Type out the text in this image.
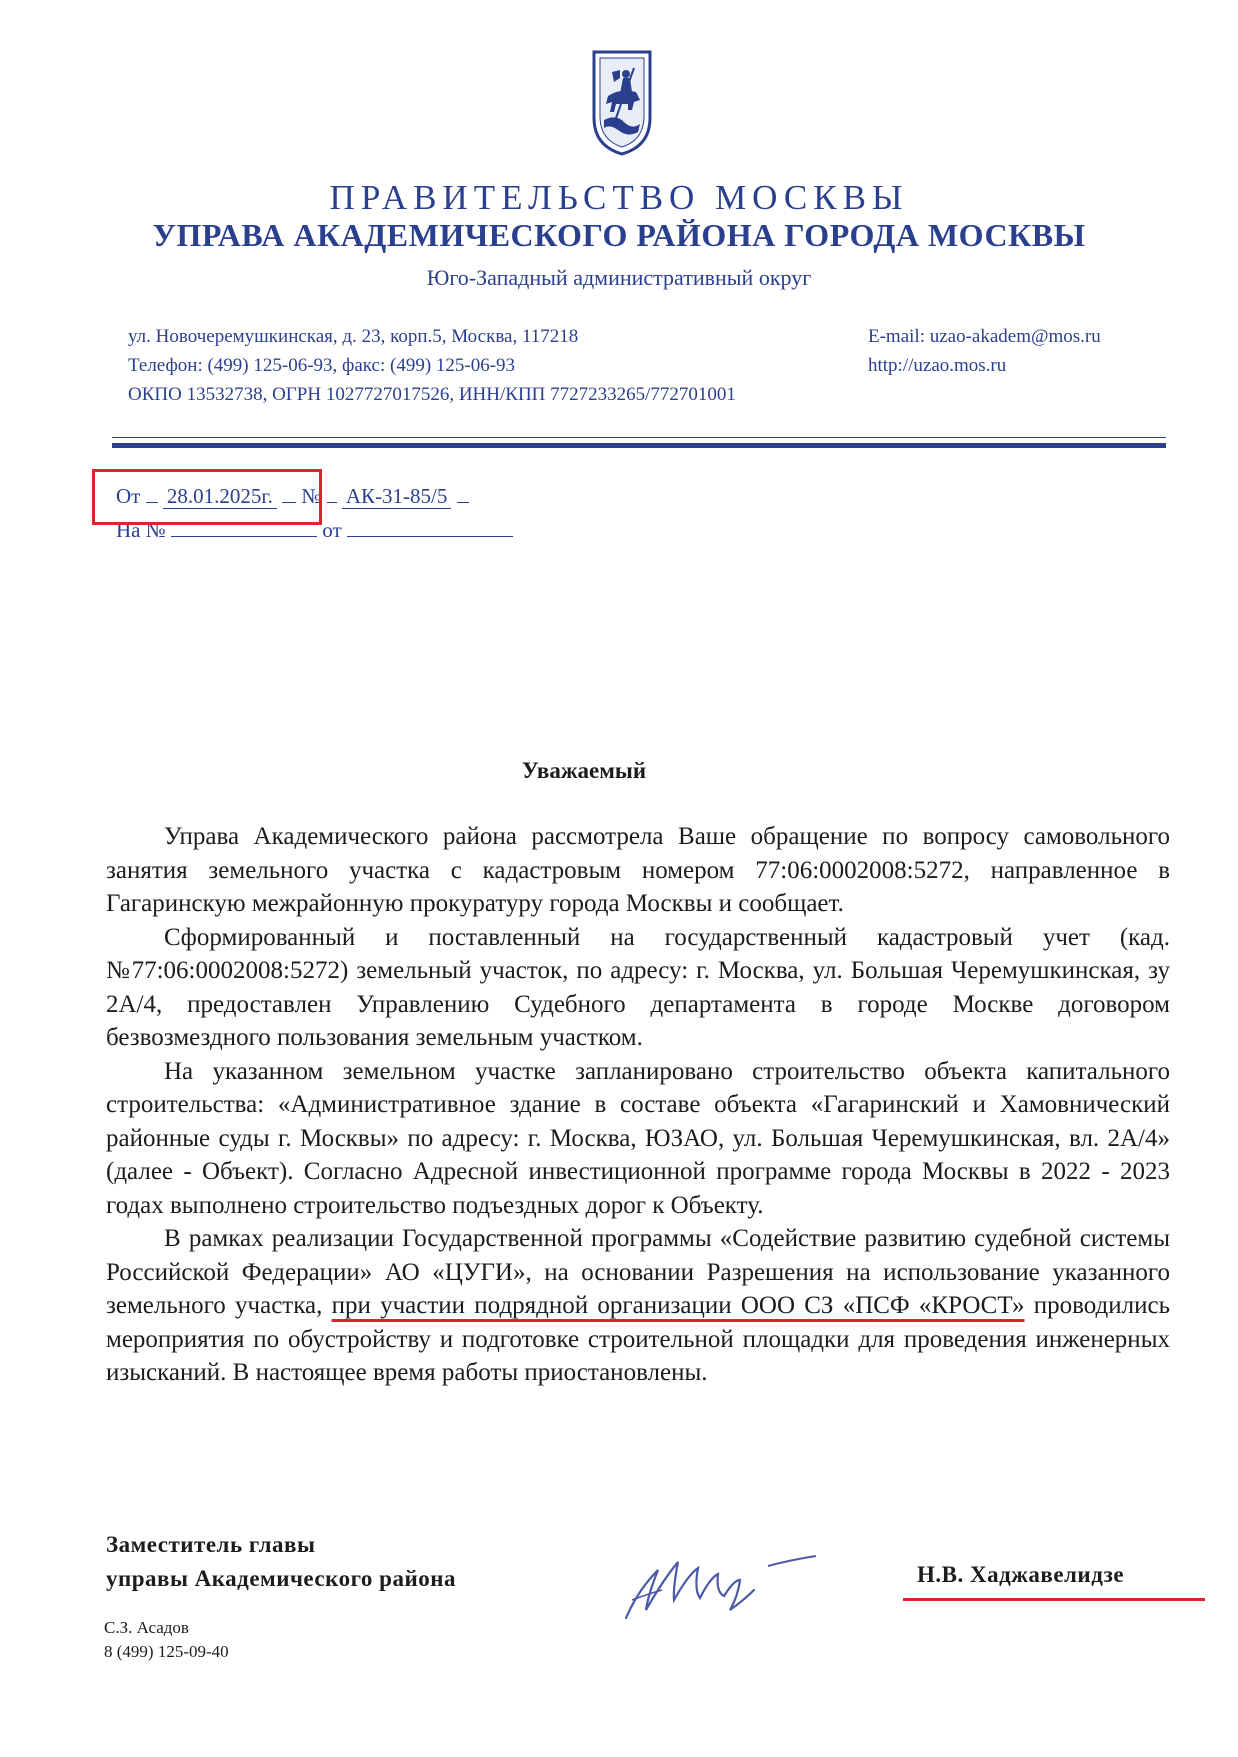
ПРАВИТЕЛЬСТВО МОСКВЫ
УПРАВА АКАДЕМИЧЕСКОГО РАЙОНА ГОРОДА МОСКВЫ
Юго-Западный административный округ
ул. Новочеремушкинская, д. 23, корп.5, Москва, 117218
Телефон: (499) 125-06-93, факс: (499) 125-06-93
ОКПО 13532738, ОГРН 1027727017526, ИНН/КПП 7727233265/772701001
E-mail: uzao-akadem@mos.ru
http://uzao.mos.ru
От 28.01.2025г. № АК-31-85/5
На №	от
Уважаемый

Управа Академического района рассмотрела Ваше обращение по вопросу самовольного занятия земельного участка с кадастровым номером 77:06:0002008:5272, направленное в Гагаринскую межрайонную прокуратуру города Москвы и сообщает.

Сформированный и поставленный на государственный кадастровый учет (кад. №77:06:0002008:5272) земельный участок, по адресу: г. Москва, ул. Большая Черемушкинская, зу 2А/4, предоставлен Управлению Судебного департамента в городе Москве договором безвозмездного пользования земельным участком.

На указанном земельном участке запланировано строительство объекта капитального строительства: «Административное здание в составе объекта «Гагаринский и Хамовнический районные суды г. Москвы» по адресу: г. Москва, ЮЗАО, ул. Большая Черемушкинская, вл. 2А/4» (далее - Объект). Согласно Адресной инвестиционной программе города Москвы в 2022 - 2023 годах выполнено строительство подъездных дорог к Объекту.

В рамках реализации Государственной программы «Содействие развитию судебной системы Российской Федерации» АО «ЦУГИ», на основании Разрешения на использование указанного земельного участка, при участии подрядной организации ООО СЗ «ПСФ «КРОСТ» проводились мероприятия по обустройству и подготовке строительной площадки для проведения инженерных изысканий. В настоящее время работы приостановлены.

Заместитель главы
управы Академического района	Н.В. Хаджавелидзе
С.З. Асадов
8 (499) 125-09-40
